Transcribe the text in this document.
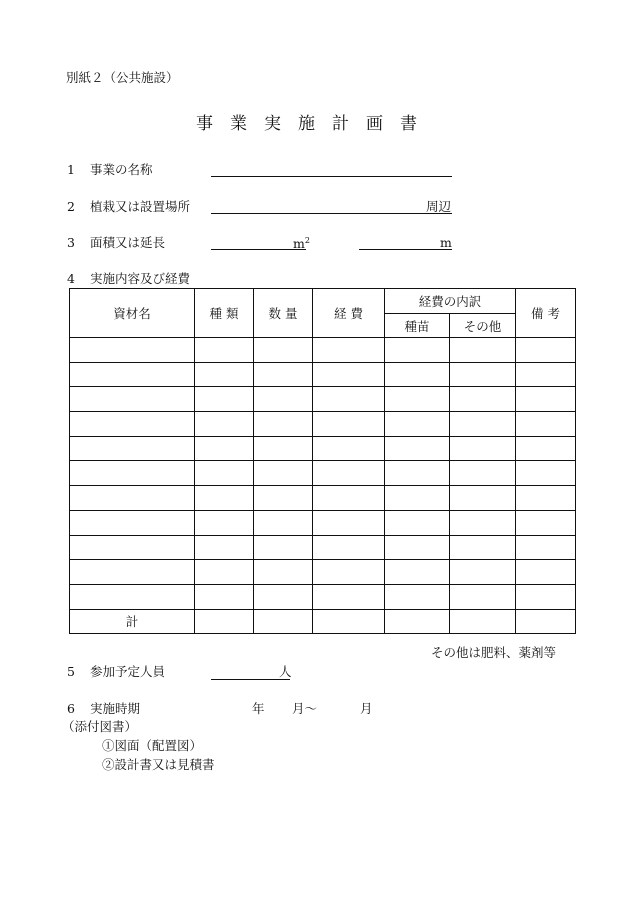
別紙２（公共施設）
事業実施計画書
1 事業の名称
2 植栽又は設置場所	周辺
3 面積又は延長	$m^2$	m
4 実施内容及び経費
資材名	種 類	数 量	経 費	経費の内訳		備 考
				種苗	その他	

計						
その他は肥料、薬剤等
5 参加予定人員	人
6 実施時期	年 月〜	月
（添付図書）
①図面（配置図）
②設計書又は見積書
